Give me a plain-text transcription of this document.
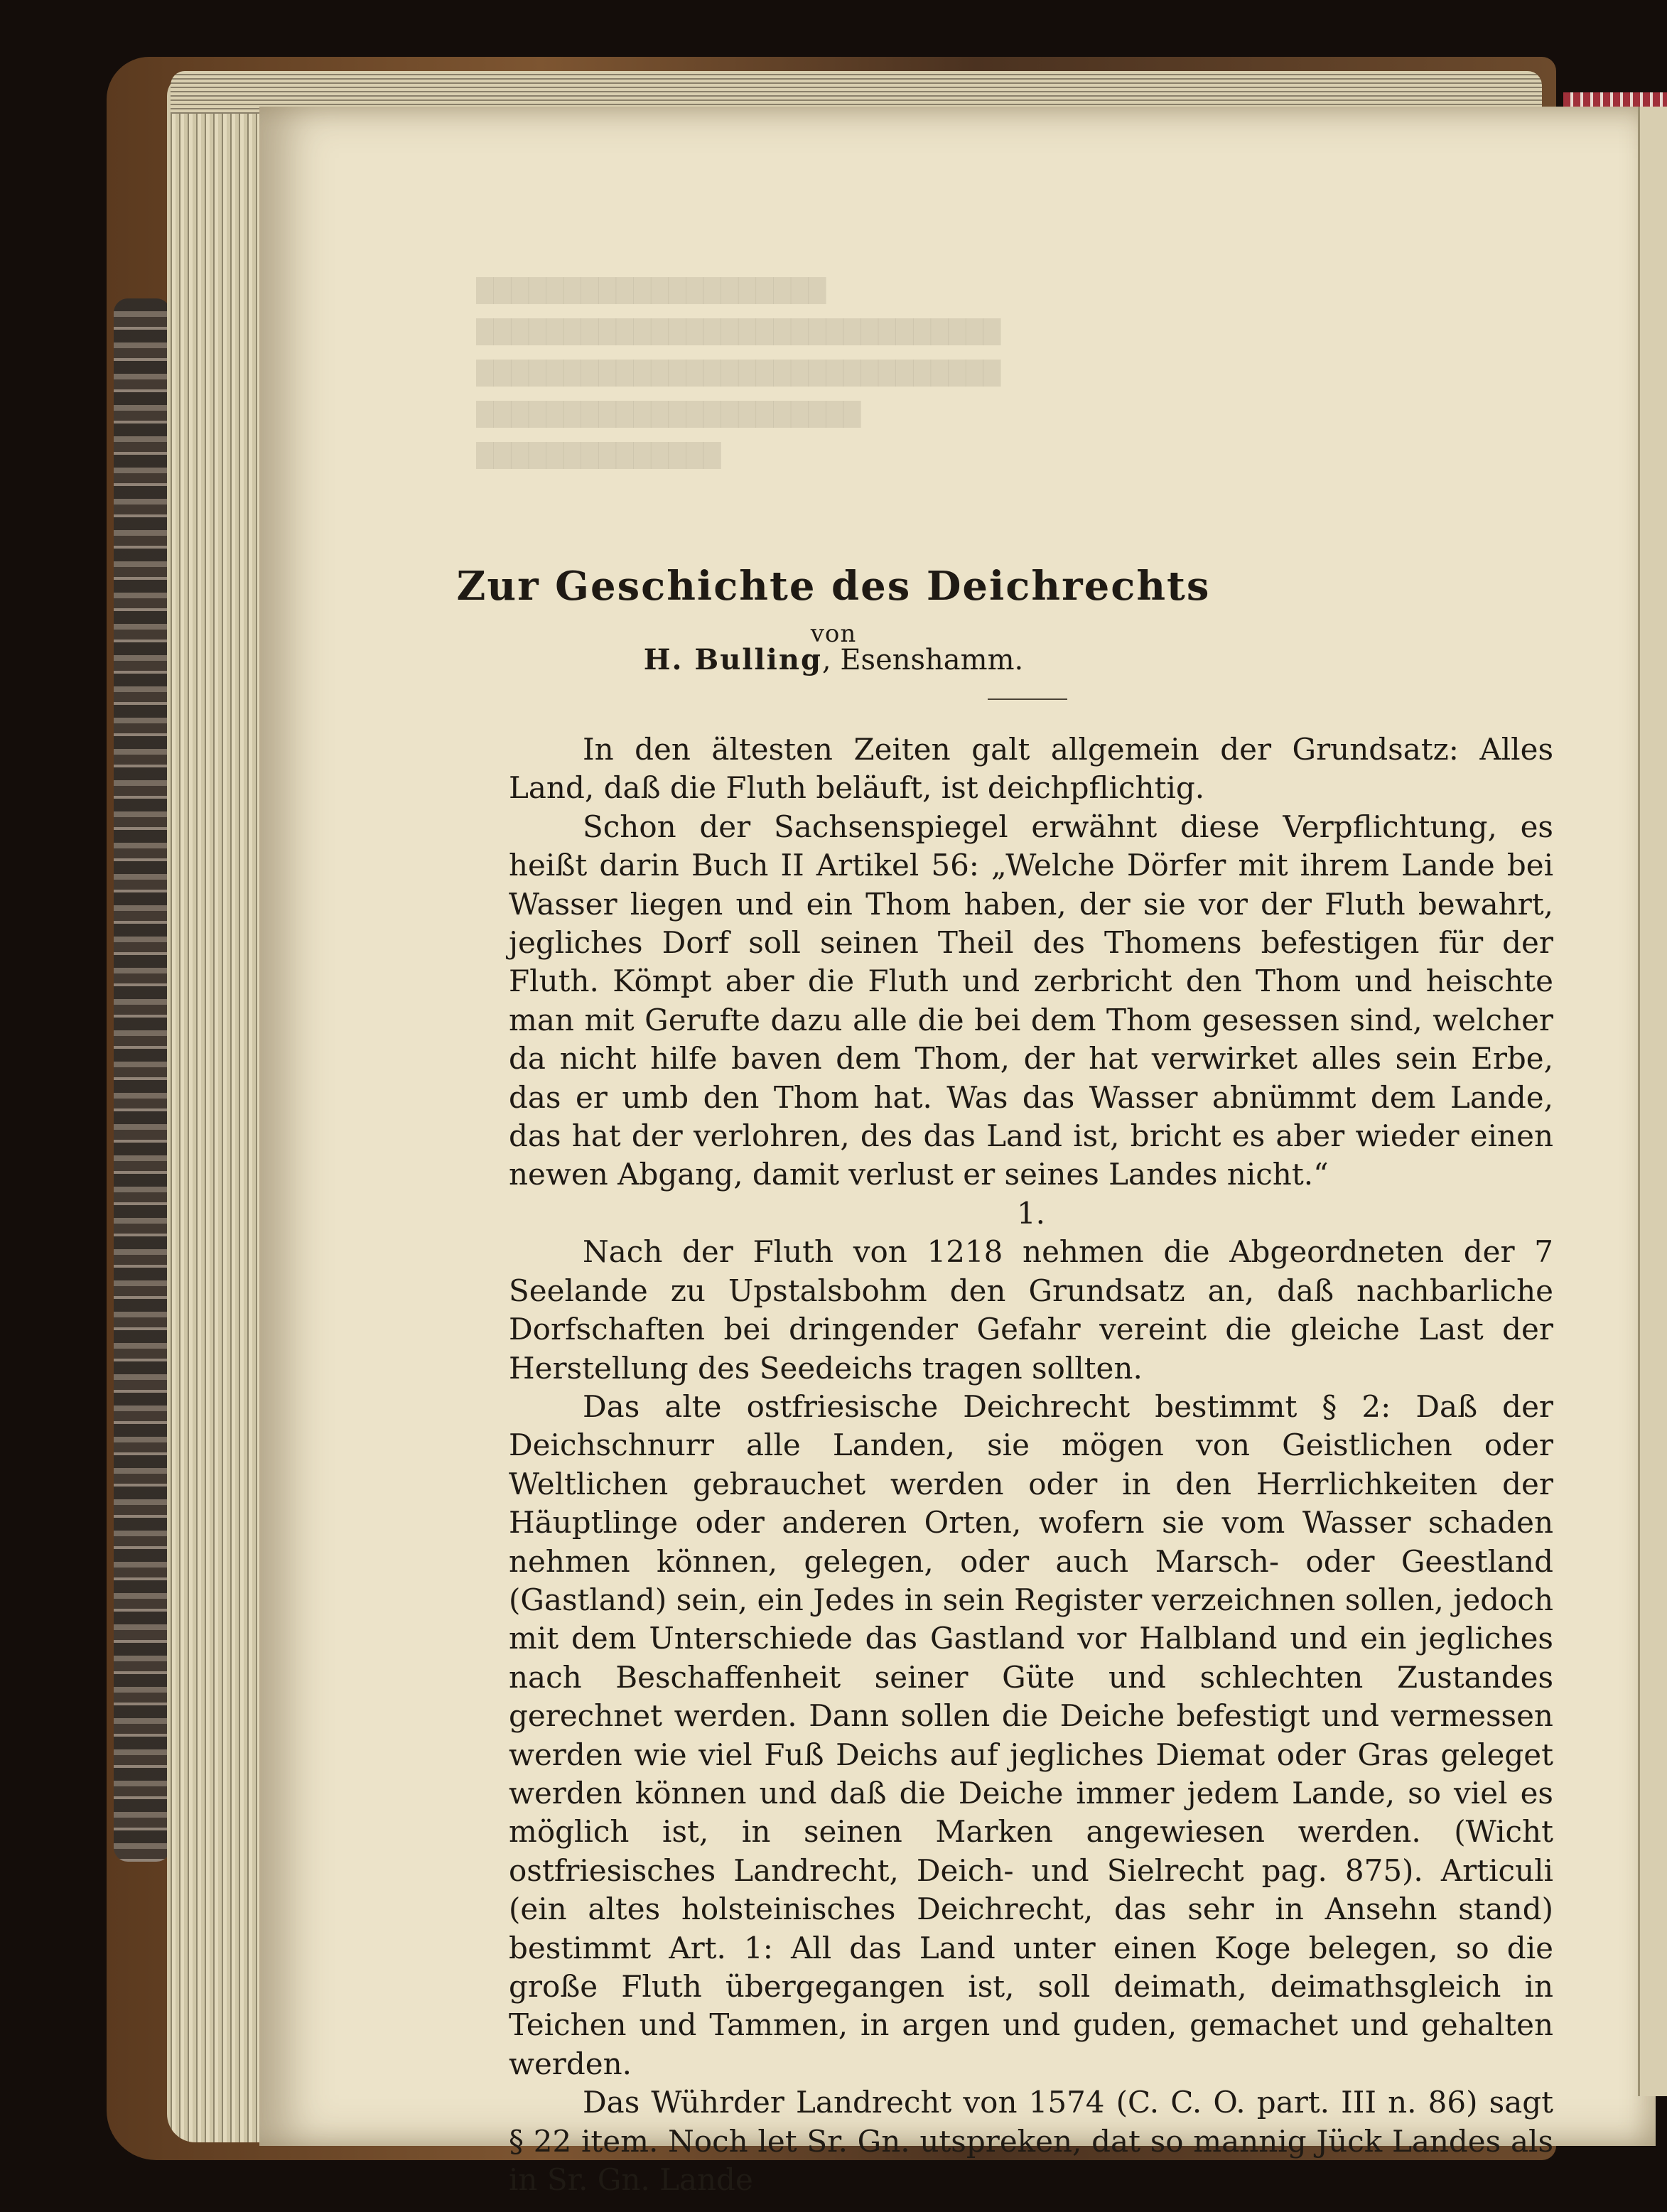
████████████████████
██████████████████████████████
██████████████████████████████
██████████████████████
██████████████
Zur Geschichte des Deichrechts
von
H. Bulling, Esenshamm.

In den ältesten Zeiten galt allgemein der Grundsatz: Alles Land, daß die Fluth beläuft, ist deichpflichtig.

Schon der Sachsenspiegel erwähnt diese Verpflichtung, es heißt darin Buch II Artikel 56: „Welche Dörfer mit ihrem Lande bei Wasser liegen und ein Thom haben, der sie vor der Fluth bewahrt, jegliches Dorf soll seinen Theil des Thomens befestigen für der Fluth. Kömpt aber die Fluth und zerbricht den Thom und heischte man mit Gerufte dazu alle die bei dem Thom gesessen sind, welcher da nicht hilfe baven dem Thom, der hat verwirket alles sein Erbe, das er umb den Thom hat. Was das Wasser abnümmt dem Lande, das hat der verlohren, des das Land ist, bricht es aber wieder einen newen Abgang, damit verlust er seines Landes nicht.“

1.

Nach der Fluth von 1218 nehmen die Abgeordneten der 7 Seelande zu Upstalsbohm den Grundsatz an, daß nachbarliche Dorfschaften bei dringender Gefahr vereint die gleiche Last der Herstellung des Seedeichs tragen sollten.

Das alte ostfriesische Deichrecht bestimmt § 2: Daß der Deichschnurr alle Landen, sie mögen von Geistlichen oder Weltlichen gebrauchet werden oder in den Herrlichkeiten der Häuptlinge oder anderen Orten, wofern sie vom Wasser schaden nehmen können, gelegen, oder auch Marsch- oder Geestland (Gastland) sein, ein Jedes in sein Register verzeichnen sollen, jedoch mit dem Unterschiede das Gastland vor Halbland und ein jegliches nach Beschaffenheit seiner Güte und schlechten Zustandes gerechnet werden. Dann sollen die Deiche befestigt und vermessen werden wie viel Fuß Deichs auf jegliches Diemat oder Gras geleget werden können und daß die Deiche immer jedem Lande, so viel es möglich ist, in seinen Marken angewiesen werden. (Wicht ostfriesisches Landrecht, Deich- und Sielrecht pag. 875). Articuli (ein altes holsteinisches Deichrecht, das sehr in Ansehn stand) bestimmt Art. 1: All das Land unter einen Koge belegen, so die große Fluth übergegangen ist, soll deimath, deimathsgleich in Teichen und Tammen, in argen und guden, gemachet und gehalten werden.

Das Wührder Landrecht von 1574 (C. C. O. part. III n. 86) sagt § 22 item. Noch let Sr. Gn. utspreken, dat so mannig Jück Landes als in Sr. Gn. Lande
